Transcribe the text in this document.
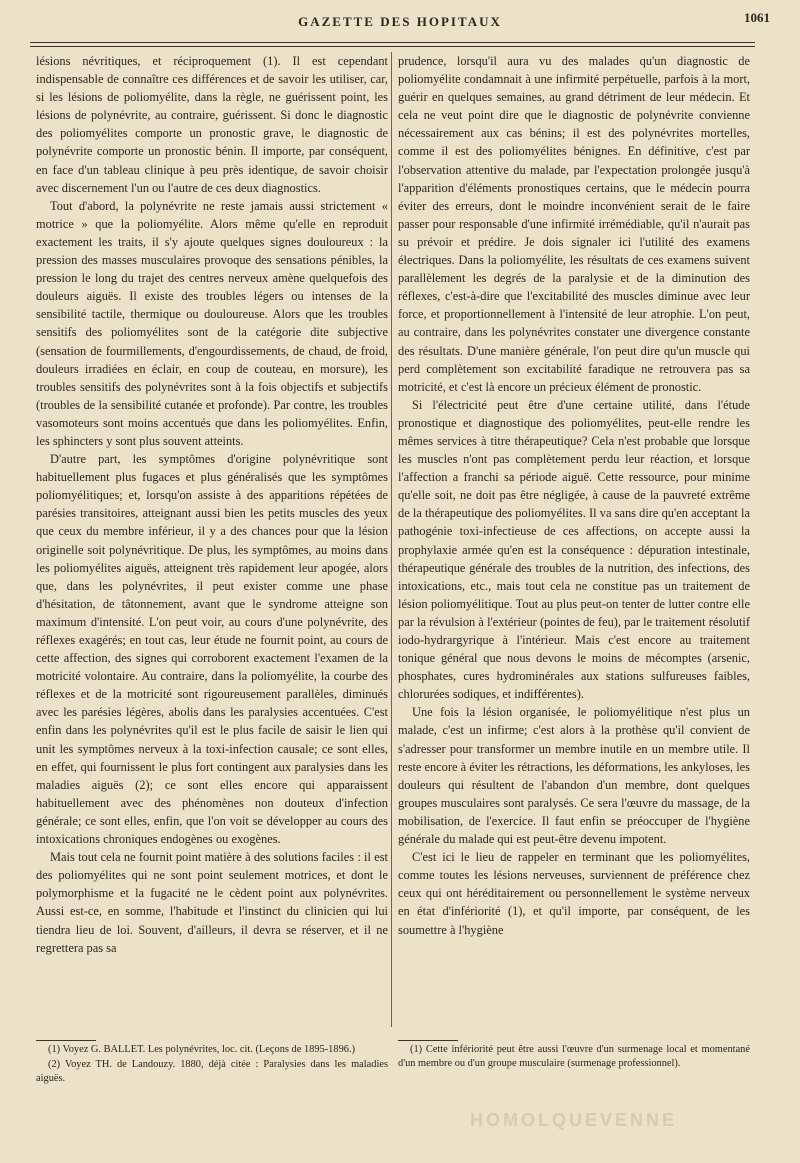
GAZETTE DES HOPITAUX	1061

lésions névritiques, et réciproquement (1). Il est cependant indispensable de connaître ces différences et de savoir les utiliser, car, si les lésions de poliomyélite, dans la règle, ne guérissent point, les lésions de polynévrite, au contraire, guérissent. Si donc le diagnostic des poliomyélites comporte un pronostic grave, le diagnostic de polynévrite comporte un pronostic bénin. Il importe, par conséquent, en face d'un tableau clinique à peu près identique, de savoir choisir avec discernement l'un ou l'autre de ces deux diagnostics.

Tout d'abord, la polynévrite ne reste jamais aussi strictement « motrice » que la poliomyélite. Alors même qu'elle en reproduit exactement les traits, il s'y ajoute quelques signes douloureux : la pression des masses musculaires provoque des sensations pénibles, la pression le long du trajet des centres nerveux amène quelquefois des douleurs aiguës. Il existe des troubles légers ou intenses de la sensibilité tactile, thermique ou douloureuse. Alors que les troubles sensitifs des poliomyélites sont de la catégorie dite subjective (sensation de fourmillements, d'engourdissements, de chaud, de froid, douleurs irradiées en éclair, en coup de couteau, en morsure), les troubles sensitifs des polynévrites sont à la fois objectifs et subjectifs (troubles de la sensibilité cutanée et profonde). Par contre, les troubles vasomoteurs sont moins accentués que dans les poliomyélites. Enfin, les sphincters y sont plus souvent atteints.

D'autre part, les symptômes d'origine polynévritique sont habituellement plus fugaces et plus généralisés que les symptômes poliomyélitiques; et, lorsqu'on assiste à des apparitions répétées de parésies transitoires, atteignant aussi bien les petits muscles des yeux que ceux du membre inférieur, il y a des chances pour que la lésion originelle soit polynévritique. De plus, les symptômes, au moins dans les poliomyélites aiguës, atteignent très rapidement leur apogée, alors que, dans les polynévrites, il peut exister comme une phase d'hésitation, de tâtonnement, avant que le syndrome atteigne son maximum d'intensité. L'on peut voir, au cours d'une polynévrite, des réflexes exagérés; en tout cas, leur étude ne fournit point, au cours de cette affection, des signes qui corroborent exactement l'examen de la motricité volontaire. Au contraire, dans la poliomyélite, la courbe des réflexes et de la motricité sont rigoureusement parallèles, diminués avec les parésies légères, abolis dans les paralysies accentuées. C'est enfin dans les polynévrites qu'il est le plus facile de saisir le lien qui unit les symptômes nerveux à la toxi-infection causale; ce sont elles, en effet, qui fournissent le plus fort contingent aux paralysies dans les maladies aiguës (2); ce sont elles encore qui apparaissent habituellement avec des phénomènes non douteux d'infection générale; ce sont elles, enfin, que l'on voit se développer au cours des intoxications chroniques endogènes ou exogènes.

Mais tout cela ne fournit point matière à des solutions faciles : il est des poliomyélites qui ne sont point seulement motrices, et dont le polymorphisme et la fugacité ne le cèdent point aux polynévrites. Aussi est-ce, en somme, l'habitude et l'instinct du clinicien qui lui tiendra lieu de loi. Souvent, d'ailleurs, il devra se réserver, et il ne regrettera pas sa

prudence, lorsqu'il aura vu des malades qu'un diagnostic de poliomyélite condamnait à une infirmité perpétuelle, parfois à la mort, guérir en quelques semaines, au grand détriment de leur médecin. Et cela ne veut point dire que le diagnostic de polynévrite convienne nécessairement aux cas bénins; il est des polynévrites mortelles, comme il est des poliomyélites bénignes. En définitive, c'est par l'observation attentive du malade, par l'expectation prolongée jusqu'à l'apparition d'éléments pronostiques certains, que le médecin pourra éviter des erreurs, dont le moindre inconvénient serait de le faire passer pour responsable d'une infirmité irrémédiable, qu'il n'aurait pas su prévoir et prédire. Je dois signaler ici l'utilité des examens électriques. Dans la poliomyélite, les résultats de ces examens suivent parallèlement les degrés de la paralysie et de la diminution des réflexes, c'est-à-dire que l'excitabilité des muscles diminue avec leur force, et proportionnellement à l'intensité de leur atrophie. L'on peut, au contraire, dans les polynévrites constater une divergence constante des résultats. D'une manière générale, l'on peut dire qu'un muscle qui perd complètement son excitabilité faradique ne retrouvera pas sa motricité, et c'est là encore un précieux élément de pronostic.

Si l'électricité peut être d'une certaine utilité, dans l'étude pronostique et diagnostique des poliomyélites, peut-elle rendre les mêmes services à titre thérapeutique? Cela n'est probable que lorsque les muscles n'ont pas complètement perdu leur réaction, et lorsque l'affection a franchi sa période aiguë. Cette ressource, pour minime qu'elle soit, ne doit pas être négligée, à cause de la pauvreté extrême de la thérapeutique des poliomyélites. Il va sans dire qu'en acceptant la pathogénie toxi-infectieuse de ces affections, on accepte aussi la prophylaxie armée qu'en est la conséquence : dépuration intestinale, thérapeutique générale des troubles de la nutrition, des infections, des intoxications, etc., mais tout cela ne constitue pas un traitement de lésion poliomyélitique. Tout au plus peut-on tenter de lutter contre elle par la révulsion à l'extérieur (pointes de feu), par le traitement résolutif iodo-hydrargyrique à l'intérieur. Mais c'est encore au traitement tonique général que nous devons le moins de mécomptes (arsenic, phosphates, cures hydrominérales aux stations sulfureuses faibles, chlorurées sodiques, et indifférentes).

Une fois la lésion organisée, le poliomyélitique n'est plus un malade, c'est un infirme; c'est alors à la prothèse qu'il convient de s'adresser pour transformer un membre inutile en un membre utile. Il reste encore à éviter les rétractions, les déformations, les ankyloses, les douleurs qui résultent de l'abandon d'un membre, dont quelques groupes musculaires sont paralysés. Ce sera l'œuvre du massage, de la mobilisation, de l'exercice. Il faut enfin se préoccuper de l'hygiène générale du malade qui est peut-être devenu impotent.

C'est ici le lieu de rappeler en terminant que les poliomyélites, comme toutes les lésions nerveuses, surviennent de préférence chez ceux qui ont héréditairement ou personnellement le système nerveux en état d'infériorité (1), et qu'il importe, par conséquent, de les soumettre à l'hygiène

(1) Voyez G. BALLET. Les polynévrites, loc. cit. (Leçons de 1895-1896.)

(2) Voyez TH. de Landouzy. 1880, déjà citée : Paralysies dans les maladies aiguës.

(1) Cette infériorité peut être aussi l'œuvre d'un surmenage local et momentané d'un membre ou d'un groupe musculaire (surmenage professionnel).

HOMOLQUEVENNE
